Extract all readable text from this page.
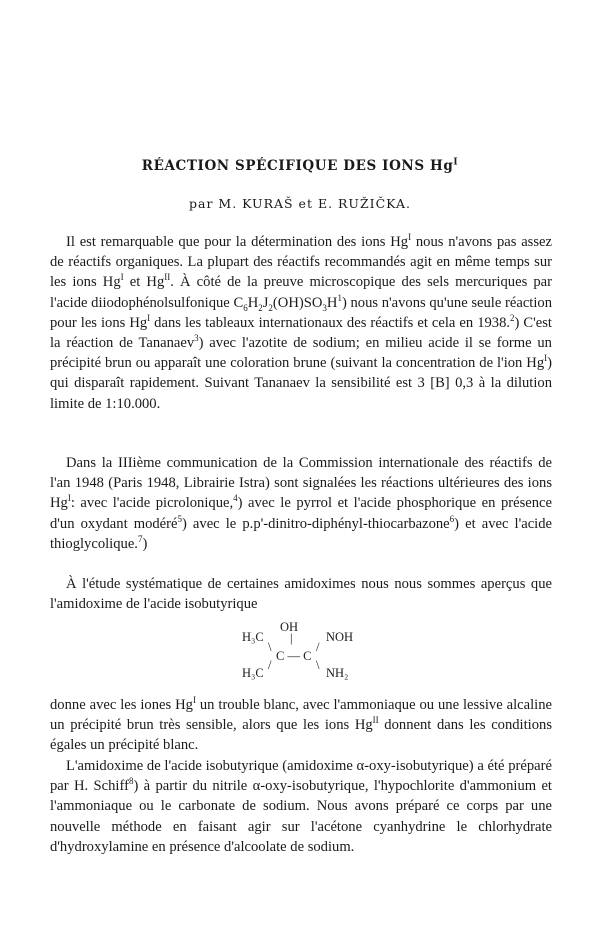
RÉACTION SPÉCIFIQUE DES IONS $Hg^I$
par M. KURAŠ et E. RUŽIČKA.

Il est remarquable que pour la détermination des ions $Hg^I$ nous n'avons pas assez de réactifs organiques. La plupart des réactifs recommandés agit en même temps sur les ions $Hg^I$ et $Hg^{II}$. À côté de la preuve microscopique des sels mercuriques par l'acide diiodophénolsulfonique $C_6H_2J_2(OH)SO_3H^1$) nous n'avons qu'une seule réaction pour les ions $Hg^I$ dans les tableaux internationaux des réactifs et cela en 1938.$^2$) C'est la réaction de Tananaev$^3$) avec l'azotite de sodium; en milieu acide il se forme un précipité brun ou apparaît une coloration brune (suivant la concentration de l'ion $Hg^I$) qui disparaît rapidement. Suivant Tananaev la sensibilité est 3 [B] 0,3 à la dilution limite de 1:10.000.

Dans la IIIième communication de la Commission internationale des réactifs de l'an 1948 (Paris 1948, Librairie Istra) sont signalées les réactions ultérieures des ions $Hg^I$: avec l'acide picrolonique,$^4$) avec le pyrrol et l'acide phosphorique en présence d'un oxydant modéré$^5$) avec le p.p'-dinitro-diphényl-thiocarbazone$^6$) et avec l'acide thioglycolique.$^7$)

À l'étude systématique de certaines amidoximes nous nous sommes aperçus que l'amidoxime de l'acide isobutyrique

OH
|
H₃C
\	/
NOH
C — C
/	\
H₃C	NH₂

donne avec les iones $Hg^I$ un trouble blanc, avec l'ammoniaque ou une lessive alcaline un précipité brun très sensible, alors que les ions $Hg^{II}$ donnent dans les conditions égales un précipité blanc.

L'amidoxime de l'acide isobutyrique (amidoxime α-oxy-isobutyrique) a été préparé par H. Schiff$^8$) à partir du nitrile α-oxy-isobutyrique, l'hypochlorite d'ammonium et l'ammoniaque ou le carbonate de sodium. Nous avons préparé ce corps par une nouvelle méthode en faisant agir sur l'acétone cyanhydrine le chlorhydrate d'hydroxylamine en présence d'alcoolate de sodium.
